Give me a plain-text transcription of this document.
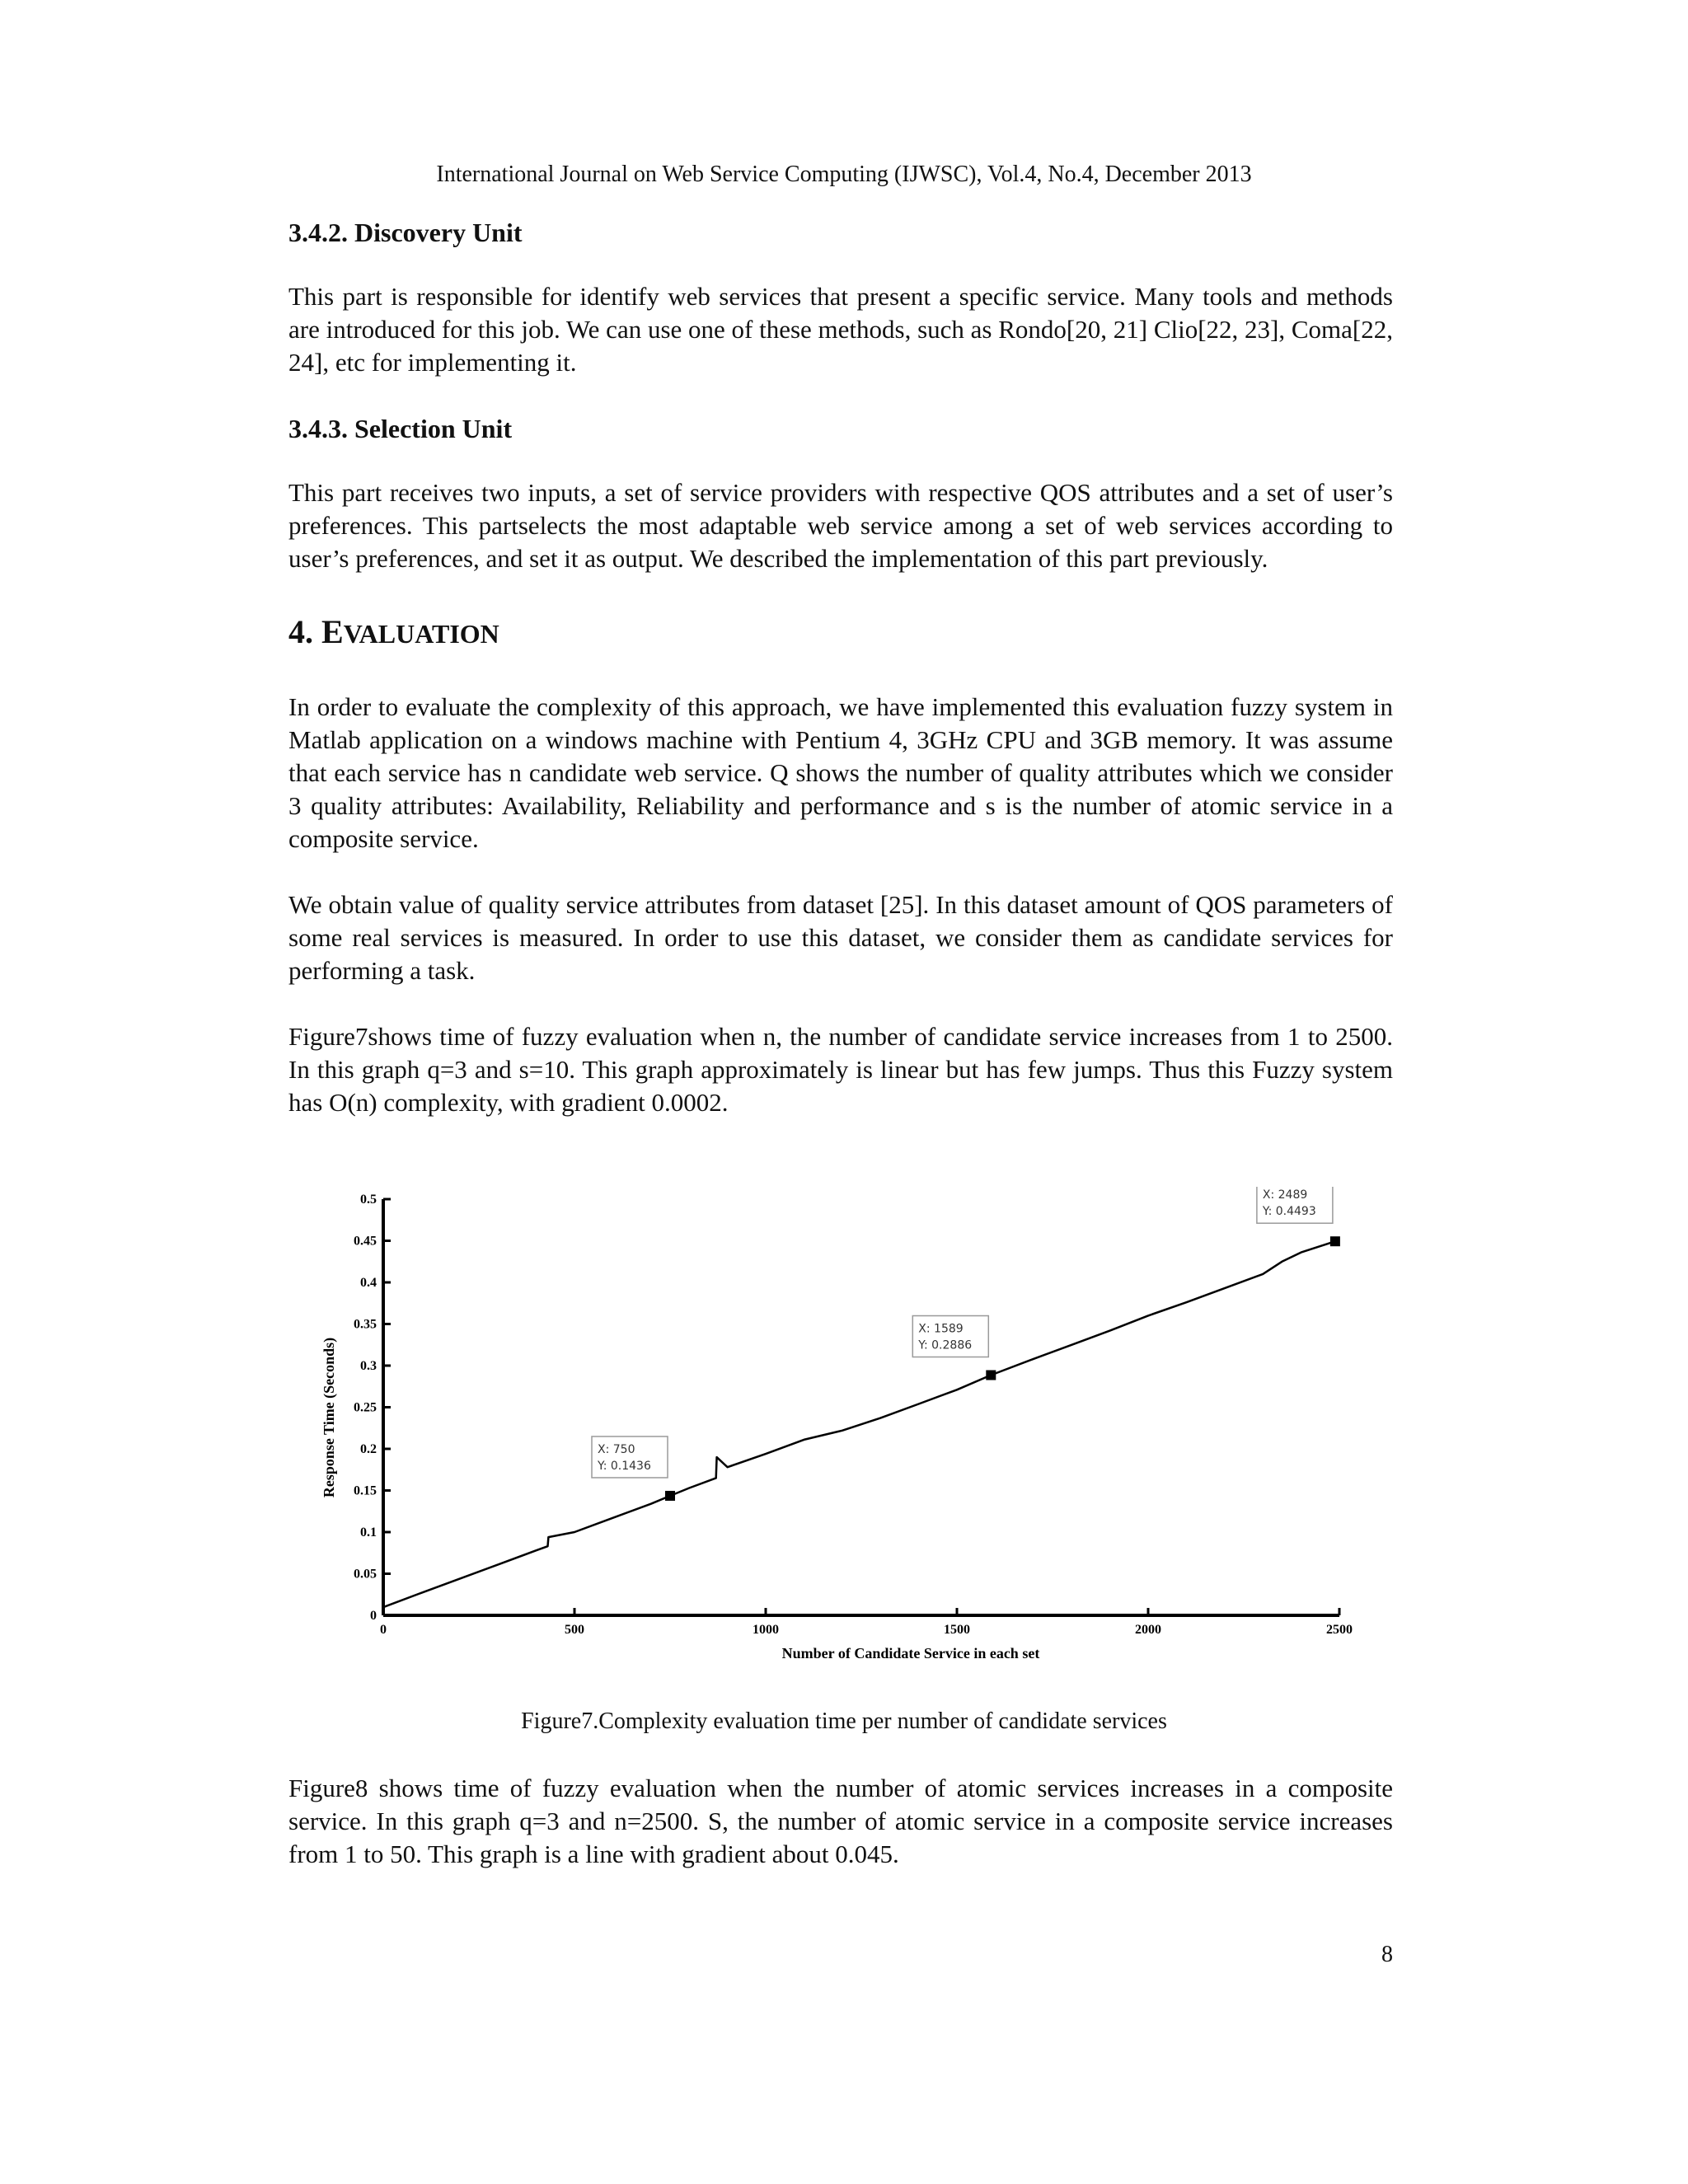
International Journal on Web Service Computing (IJWSC), Vol.4, No.4, December 2013
3.4.2. Discovery Unit

This part is responsible for identify web services that present a specific service. Many tools and methods are introduced for this job. We can use one of these methods, such as Rondo[20, 21] Clio[22, 23], Coma[22, 24], etc for implementing it.

3.4.3. Selection Unit

This part receives two inputs, a set of service providers with respective QOS attributes and a set of user’s preferences. This partselects the most adaptable web service among a set of web services according to user’s preferences, and set it as output. We described the implementation of this part previously.

4. EVALUATION

In order to evaluate the complexity of this approach, we have implemented this evaluation fuzzy system in Matlab application on a windows machine with Pentium 4, 3GHz CPU and 3GB memory. It was assume that each service has n candidate web service. Q shows the number of quality attributes which we consider 3 quality attributes: Availability, Reliability and performance and s is the number of atomic service in a composite service.

We obtain value of quality service attributes from dataset [25]. In this dataset amount of QOS parameters of some real services is measured. In order to use this dataset, we consider them as candidate services for performing a task.

Figure7shows time of fuzzy evaluation when n, the number of candidate service increases from 1 to 2500. In this graph q=3 and s=10. This graph approximately is linear but has few jumps. Thus this Fuzzy system has O(n) complexity, with gradient 0.0002.

0
0.05
0.1
0.15
0.2
0.25
0.3
0.35
0.4
0.45
0.5
0	500	1000	1500	2000	2500
X: 750
Y: 0.1436
X: 1589
Y: 0.2886
X: 2489
Y: 0.4493
Number of Candidate Service in each set
Response Time (Seconds)
Figure7.Complexity evaluation time per number of candidate services

Figure8 shows time of fuzzy evaluation when the number of atomic services increases in a composite service. In this graph q=3 and n=2500. S, the number of atomic service in a composite service increases from 1 to 50. This graph is a line with gradient about 0.045.

8
